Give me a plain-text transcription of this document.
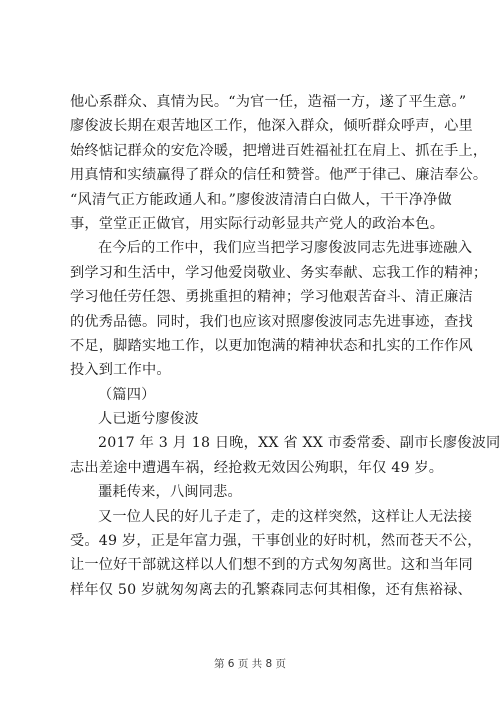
他心系群众、真情为民。“为官一任，造福一方，遂了平生意。”
廖俊波长期在艰苦地区工作，他深入群众，倾听群众呼声，心里
始终惦记群众的安危冷暖，把增进百姓福祉扛在肩上、抓在手上，
用真情和实绩赢得了群众的信任和赞誉。他严于律己、廉洁奉公。
“风清气正方能政通人和。”廖俊波清清白白做人，干干净净做
事，堂堂正正做官，用实际行动彰显共产党人的政治本色。
在今后的工作中，我们应当把学习廖俊波同志先进事迹融入
到学习和生活中，学习他爱岗敬业、务实奉献、忘我工作的精神；
学习他任劳任怨、勇挑重担的精神；学习他艰苦奋斗、清正廉洁
的优秀品德。同时，我们也应该对照廖俊波同志先进事迹，查找
不足，脚踏实地工作，以更加饱满的精神状态和扎实的工作作风
投入到工作中。
（篇四）
人已逝兮廖俊波
2017 年 3 月 18 日晚，XX 省 XX 市委常委、副市长廖俊波同
志出差途中遭遇车祸，经抢救无效因公殉职，年仅 49 岁。
噩耗传来，八闽同悲。
又一位人民的好儿子走了，走的这样突然，这样让人无法接
受。49 岁，正是年富力强，干事创业的好时机，然而苍天不公，
让一位好干部就这样以人们想不到的方式匆匆离世。这和当年同
样年仅 50 岁就匆匆离去的孔繁森同志何其相像，还有焦裕禄、
第 6 页 共 8 页
